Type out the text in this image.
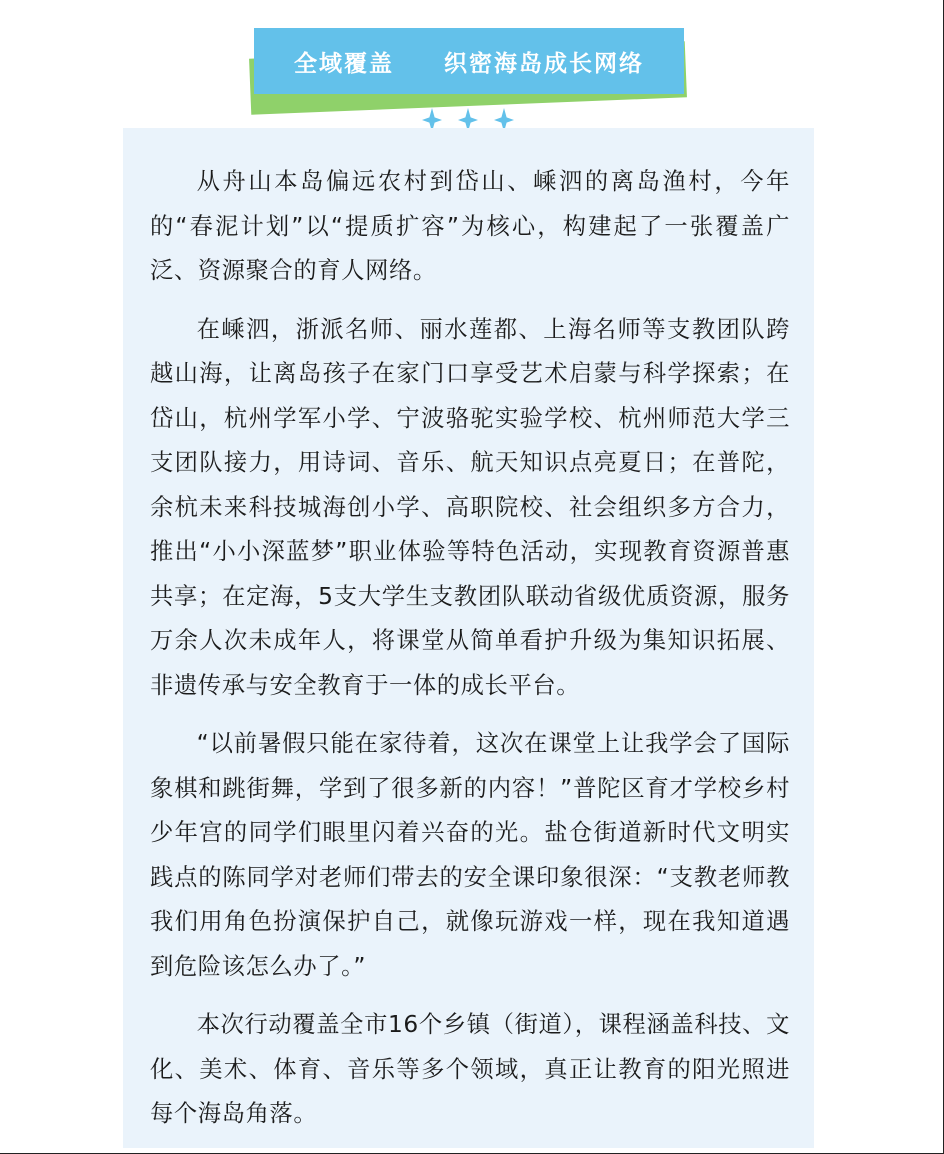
全域覆盖 织密海岛成长网络

从舟山本岛偏远农村到岱山、嵊泗的离岛渔村，今年的“春泥计划”以“提质扩容”为核心，构建起了一张覆盖广泛、资源聚合的育人网络。

在嵊泗，浙派名师、丽水莲都、上海名师等支教团队跨越山海，让离岛孩子在家门口享受艺术启蒙与科学探索；在岱山，杭州学军小学、宁波骆驼实验学校、杭州师范大学三支团队接力，用诗词、音乐、航天知识点亮夏日；在普陀，余杭未来科技城海创小学、高职院校、社会组织多方合力，推出“小小深蓝梦”职业体验等特色活动，实现教育资源普惠共享；在定海，5支大学生支教团队联动省级优质资源，服务万余人次未成年人，将课堂从简单看护升级为集知识拓展、非遗传承与安全教育于一体的成长平台。

“以前暑假只能在家待着，这次在课堂上让我学会了国际象棋和跳街舞，学到了很多新的内容！”普陀区育才学校乡村少年宫的同学们眼里闪着兴奋的光。盐仓街道新时代文明实践点的陈同学对老师们带去的安全课印象很深：“支教老师教我们用角色扮演保护自己，就像玩游戏一样，现在我知道遇到危险该怎么办了。”

本次行动覆盖全市16个乡镇（街道），课程涵盖科技、文化、美术、体育、音乐等多个领域，真正让教育的阳光照进每个海岛角落。
